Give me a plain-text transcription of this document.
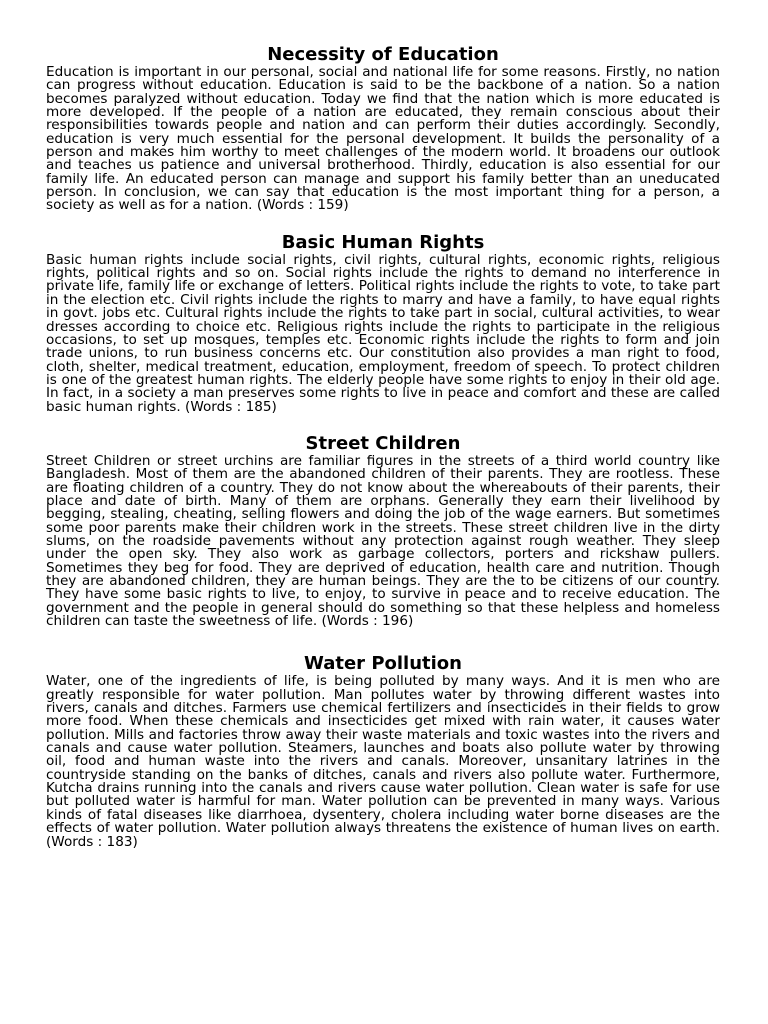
Necessity of Education

Education is important in our personal, social and national life for some reasons. Firstly, no nation can progress without education. Education is said to be the backbone of a nation. So a nation becomes paralyzed without education. Today we find that the nation which is more educated is more developed. If the people of a nation are educated, they remain conscious about their responsibilities towards people and nation and can perform their duties accordingly. Secondly, education is very much essential for the personal development. It builds the personality of a person and makes him worthy to meet challenges of the modern world. It broadens our outlook and teaches us patience and universal brotherhood. Thirdly, education is also essential for our family life. An educated person can manage and support his family better than an uneducated person. In conclusion, we can say that education is the most important thing for a person, a society as well as for a nation. (Words : 159)

Basic Human Rights

Basic human rights include social rights, civil rights, cultural rights, economic rights, religious rights, political rights and so on. Social rights include the rights to demand no interference in private life, family life or exchange of letters. Political rights include the rights to vote, to take part in the election etc. Civil rights include the rights to marry and have a family, to have equal rights in govt. jobs etc. Cultural rights include the rights to take part in social, cultural activities, to wear dresses according to choice etc. Religious rights include the rights to participate in the religious occasions, to set up mosques, temples etc. Economic rights include the rights to form and join trade unions, to run business concerns etc. Our constitution also provides a man right to food, cloth, shelter, medical treatment, education, employment, freedom of speech. To protect children is one of the greatest human rights. The elderly people have some rights to enjoy in their old age. In fact, in a society a man preserves some rights to live in peace and comfort and these are called basic human rights. (Words : 185)

Street Children

Street Children or street urchins are familiar figures in the streets of a third world country like Bangladesh. Most of them are the abandoned children of their parents. They are rootless. These are floating children of a country. They do not know about the whereabouts of their parents, their place and date of birth. Many of them are orphans. Generally they earn their livelihood by begging, stealing, cheating, selling flowers and doing the job of the wage earners. But sometimes some poor parents make their children work in the streets. These street children live in the dirty slums, on the roadside pavements without any protection against rough weather. They sleep under the open sky. They also work as garbage collectors, porters and rickshaw pullers. Sometimes they beg for food. They are deprived of education, health care and nutrition. Though they are abandoned children, they are human beings. They are the to be citizens of our country. They have some basic rights to live, to enjoy, to survive in peace and to receive education. The government and the people in general should do something so that these helpless and homeless children can taste the sweetness of life. (Words : 196)

Water Pollution

Water, one of the ingredients of life, is being polluted by many ways. And it is men who are greatly responsible for water pollution. Man pollutes water by throwing different wastes into rivers, canals and ditches. Farmers use chemical fertilizers and insecticides in their fields to grow more food. When these chemicals and insecticides get mixed with rain water, it causes water pollution. Mills and factories throw away their waste materials and toxic wastes into the rivers and canals and cause water pollution. Steamers, launches and boats also pollute water by throwing oil, food and human waste into the rivers and canals. Moreover, unsanitary latrines in the countryside standing on the banks of ditches, canals and rivers also pollute water. Furthermore, Kutcha drains running into the canals and rivers cause water pollution. Clean water is safe for use but polluted water is harmful for man. Water pollution can be prevented in many ways. Various kinds of fatal diseases like diarrhoea, dysentery, cholera including water borne diseases are the effects of water pollution. Water pollution always threatens the existence of human lives on earth. (Words : 183)
